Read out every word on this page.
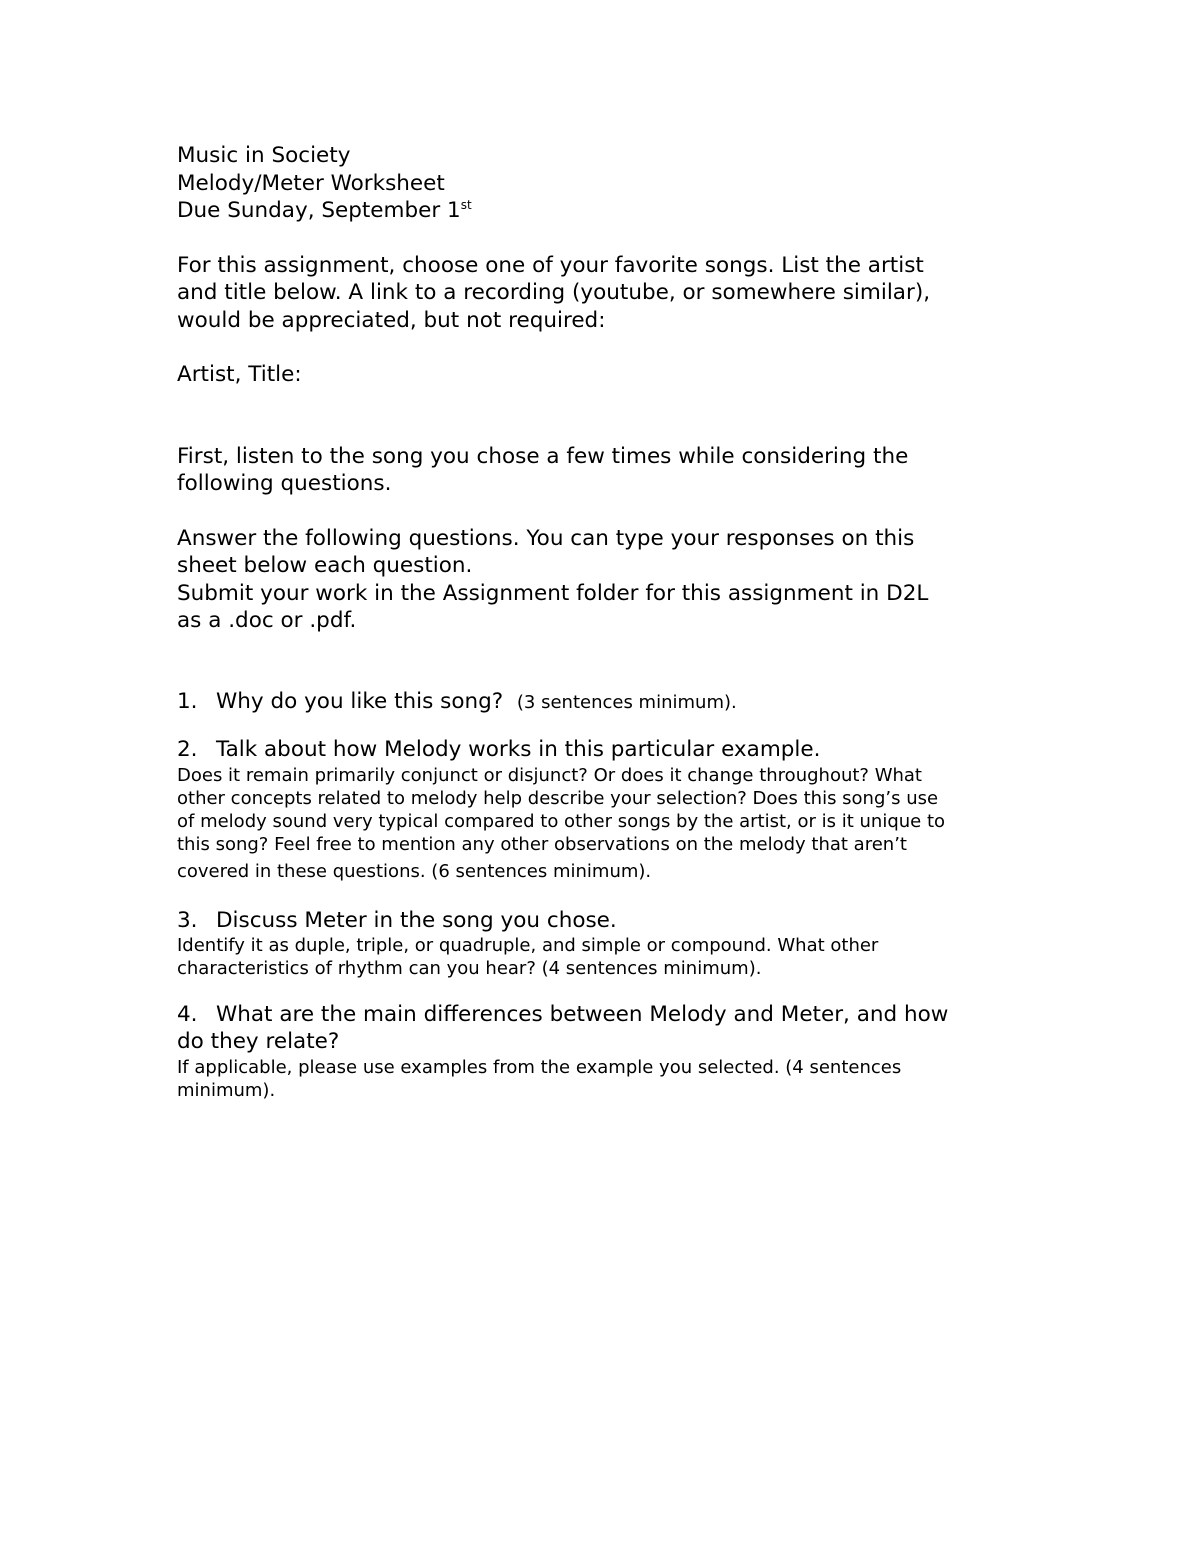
Music in Society

Melody/Meter Worksheet

Due Sunday, September 1st

For this assignment, choose one of your favorite songs. List the artist

and title below. A link to a recording (youtube, or somewhere similar),

would be appreciated, but not required:

Artist, Title:

First, listen to the song you chose a few times while considering the

following questions.

Answer the following questions. You can type your responses on this

sheet below each question.

Submit your work in the Assignment folder for this assignment in D2L

as a .doc or .pdf.

1. Why do you like this song? (3 sentences minimum).
2. Talk about how Melody works in this particular example.

Does it remain primarily conjunct or disjunct? Or does it change throughout? What

other concepts related to melody help describe your selection? Does this song’s use

of melody sound very typical compared to other songs by the artist, or is it unique to

this song? Feel free to mention any other observations on the melody that aren’t

covered in these questions. (6 sentences minimum).

3. Discuss Meter in the song you chose.

Identify it as duple, triple, or quadruple, and simple or compound. What other

characteristics of rhythm can you hear? (4 sentences minimum).

4. What are the main differences between Melody and Meter, and how

do they relate?

If applicable, please use examples from the example you selected. (4 sentences

minimum).
